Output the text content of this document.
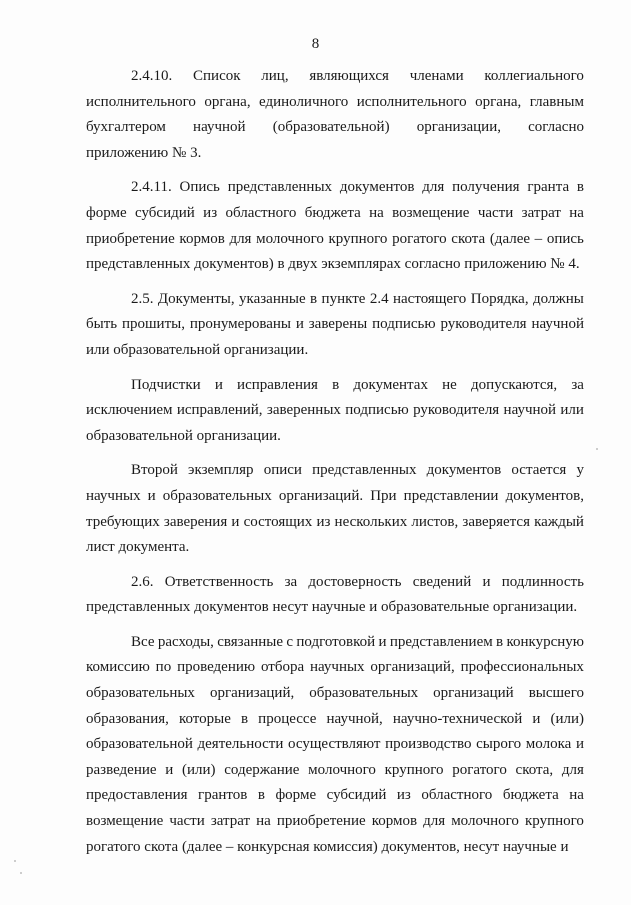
8
2.4.10. Список лиц, являющихся членами коллегиального
исполнительного органа, единоличного исполнительного органа, главным
бухгалтером научной (образовательной) организации, согласно
приложению № 3.
2.4.11. Опись представленных документов для получения гранта в
форме субсидий из областного бюджета на возмещение части затрат на
приобретение кормов для молочного крупного рогатого скота (далее – опись
представленных документов) в двух экземплярах согласно приложению № 4.
2.5. Документы, указанные в пункте 2.4 настоящего Порядка, должны
быть прошиты, пронумерованы и заверены подписью руководителя научной
или образовательной организации.
Подчистки и исправления в документах не допускаются, за
исключением исправлений, заверенных подписью руководителя научной или
образовательной организации.
Второй экземпляр описи представленных документов остается у
научных и образовательных организаций. При представлении документов,
требующих заверения и состоящих из нескольких листов, заверяется каждый
лист документа.
2.6. Ответственность за достоверность сведений и подлинность
представленных документов несут научные и образовательные организации.
Все расходы, связанные с подготовкой и представлением в конкурсную
комиссию по проведению отбора научных организаций, профессиональных
образовательных организаций, образовательных организаций высшего
образования, которые в процессе научной, научно-технической и (или)
образовательной деятельности осуществляют производство сырого молока и
разведение и (или) содержание молочного крупного рогатого скота, для
предоставления грантов в форме субсидий из областного бюджета на
возмещение части затрат на приобретение кормов для молочного крупного
рогатого скота (далее – конкурсная комиссия) документов, несут научные и
